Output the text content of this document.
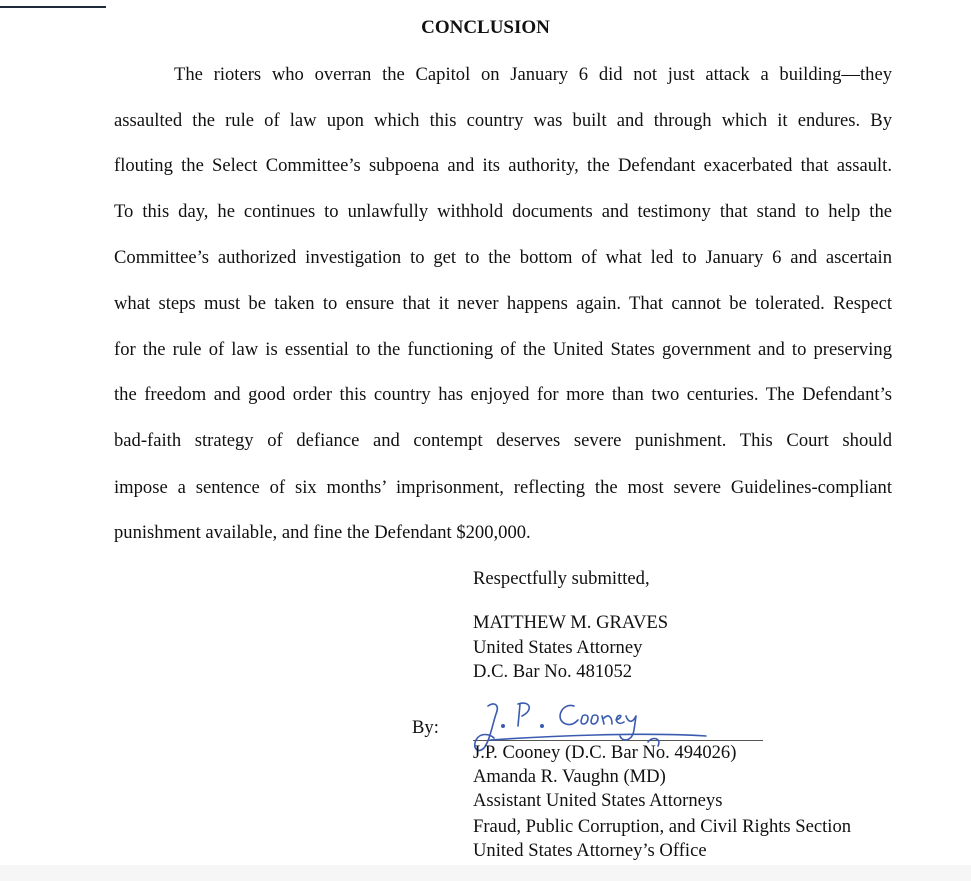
CONCLUSION
The rioters who overran the Capitol on January 6 did not just attack a building—they
assaulted the rule of law upon which this country was built and through which it endures. By
flouting the Select Committee’s subpoena and its authority, the Defendant exacerbated that assault.
To this day, he continues to unlawfully withhold documents and testimony that stand to help the
Committee’s authorized investigation to get to the bottom of what led to January 6 and ascertain
what steps must be taken to ensure that it never happens again. That cannot be tolerated. Respect
for the rule of law is essential to the functioning of the United States government and to preserving
the freedom and good order this country has enjoyed for more than two centuries. The Defendant’s
bad-faith strategy of defiance and contempt deserves severe punishment. This Court should
impose a sentence of six months’ imprisonment, reflecting the most severe Guidelines-compliant
punishment available, and fine the Defendant $200,000.
Respectfully submitted,
MATTHEW M. GRAVES
United States Attorney
D.C. Bar No. 481052
By:
J.P. Cooney (D.C. Bar No. 494026)
Amanda R. Vaughn (MD)
Assistant United States Attorneys
Fraud, Public Corruption, and Civil Rights Section
United States Attorney’s Office
